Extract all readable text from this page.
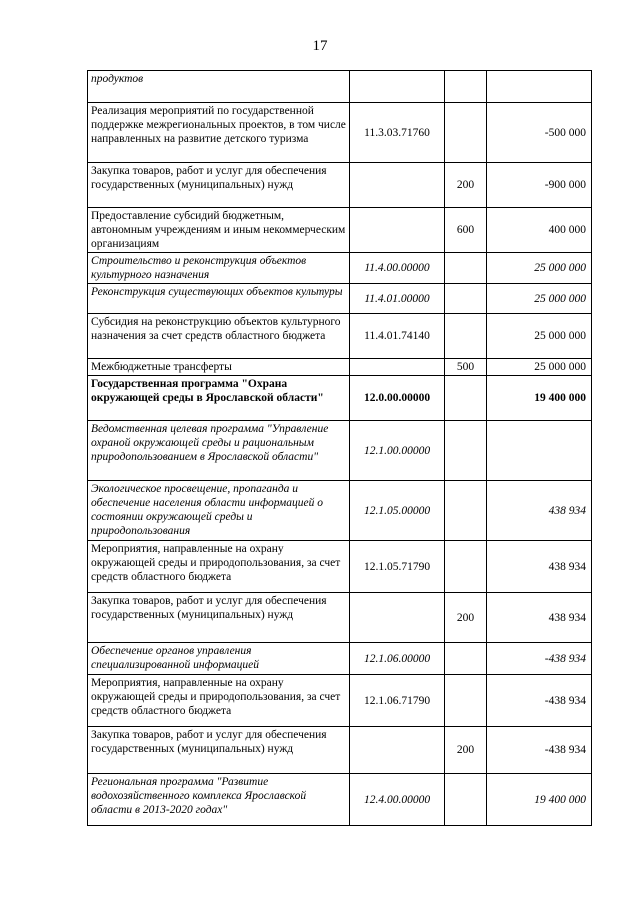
17
продуктов			
Реализация мероприятий по государственной поддержке межрегиональных проектов, в том числе направленных на развитие детского туризма	11.3.03.71760		-500 000
Закупка товаров, работ и услуг для обеспечения государственных (муниципальных) нужд		200	-900 000
Предоставление субсидий бюджетным, автономным учреждениям и иным некоммерческим организациям		600	400 000
Строительство и реконструкция объектов культурного назначения	11.4.00.00000		25 000 000
Реконструкция существующих объектов культуры	11.4.01.00000		25 000 000
Субсидия на реконструкцию объектов культурного назначения за счет средств областного бюджета	11.4.01.74140		25 000 000
Межбюджетные трансферты		500	25 000 000
Государственная программа "Охрана окружающей среды в Ярославской области"	12.0.00.00000		19 400 000
Ведомственная целевая программа "Управление охраной окружающей среды и рациональным природопользованием в Ярославской области"	12.1.00.00000		
Экологическое просвещение, пропаганда и обеспечение населения области информацией о состоянии окружающей среды и природопользования	12.1.05.00000		438 934
Мероприятия, направленные на охрану окружающей среды и природопользования, за счет средств областного бюджета	12.1.05.71790		438 934
Закупка товаров, работ и услуг для обеспечения государственных (муниципальных) нужд		200	438 934
Обеспечение органов управления специализированной информацией	12.1.06.00000		-438 934
Мероприятия, направленные на охрану окружающей среды и природопользования, за счет средств областного бюджета	12.1.06.71790		-438 934
Закупка товаров, работ и услуг для обеспечения государственных (муниципальных) нужд		200	-438 934
Региональная программа "Развитие водохозяйственного комплекса Ярославской области в 2013-2020 годах"	12.4.00.00000		19 400 000
